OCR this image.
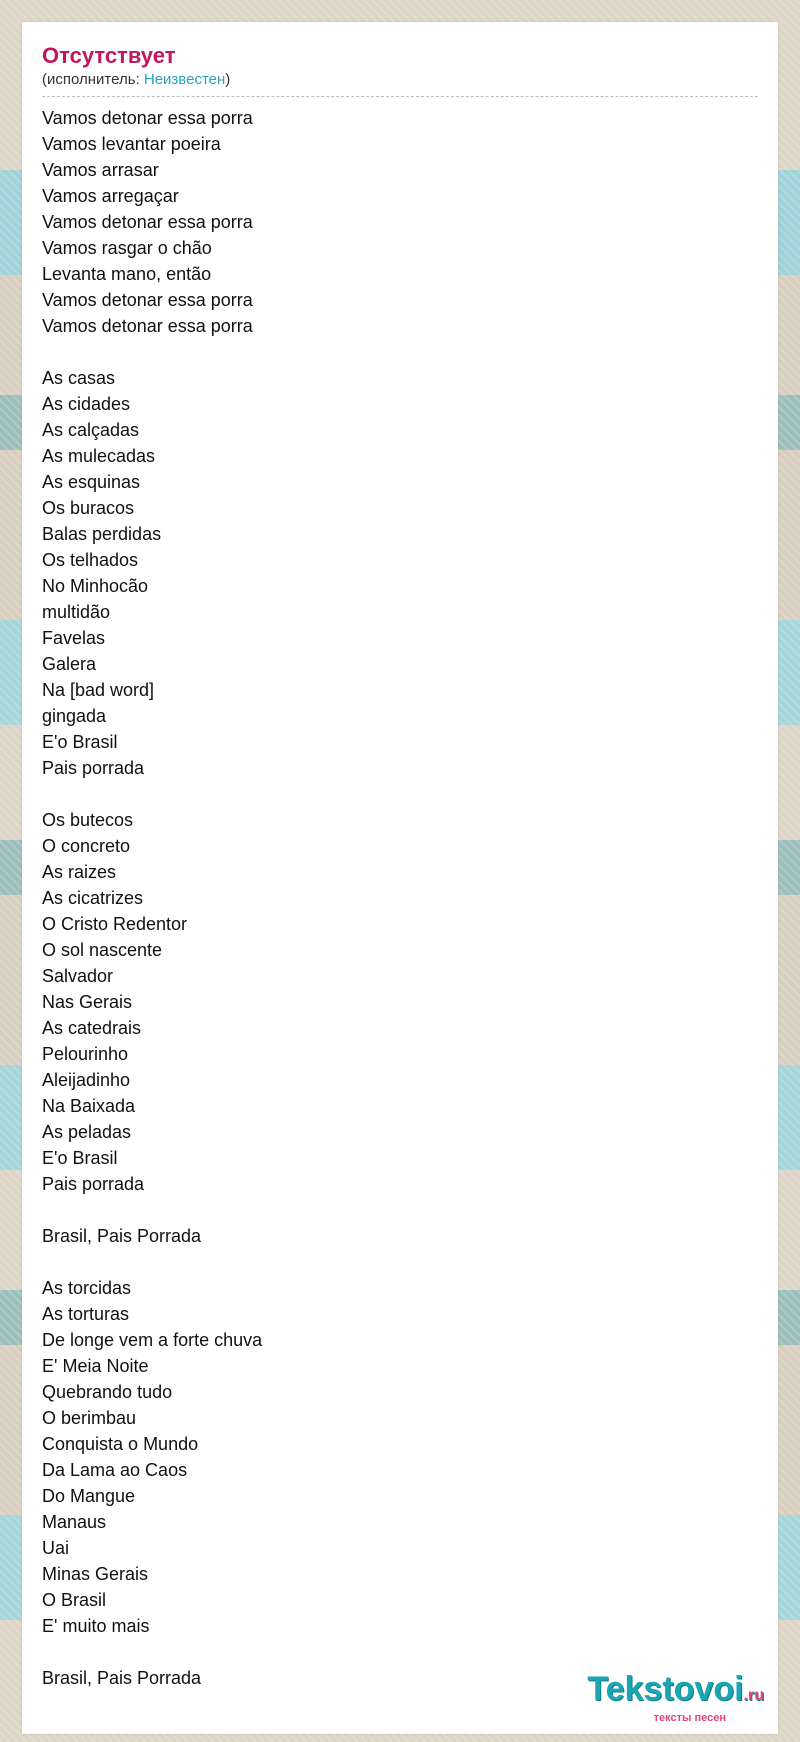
Отсутствует
(исполнитель: Неизвестен)
Vamos detonar essa porra
Vamos levantar poeira
Vamos arrasar
Vamos arregaçar
Vamos detonar essa porra
Vamos rasgar o chão
Levanta mano, então
Vamos detonar essa porra
Vamos detonar essa porra
As casas
As cidades
As calçadas
As mulecadas
As esquinas
Os buracos
Balas perdidas
Os telhados
No Minhocão
multidão
Favelas
Galera
Na [bad word]
gingada
E'o Brasil
Pais porrada
Os butecos
O concreto
As raizes
As cicatrizes
O Cristo Redentor
O sol nascente
Salvador
Nas Gerais
As catedrais
Pelourinho
Aleijadinho
Na Baixada
As peladas
E'o Brasil
Pais porrada
Brasil, Pais Porrada
As torcidas
As torturas
De longe vem a forte chuva
E' Meia Noite
Quebrando tudo
O berimbau
Conquista o Mundo
Da Lama ao Caos
Do Mangue
Manaus
Uai
Minas Gerais
O Brasil
E' muito mais
Brasil, Pais Porrada	Tekstovoi.ru
тексты песен
